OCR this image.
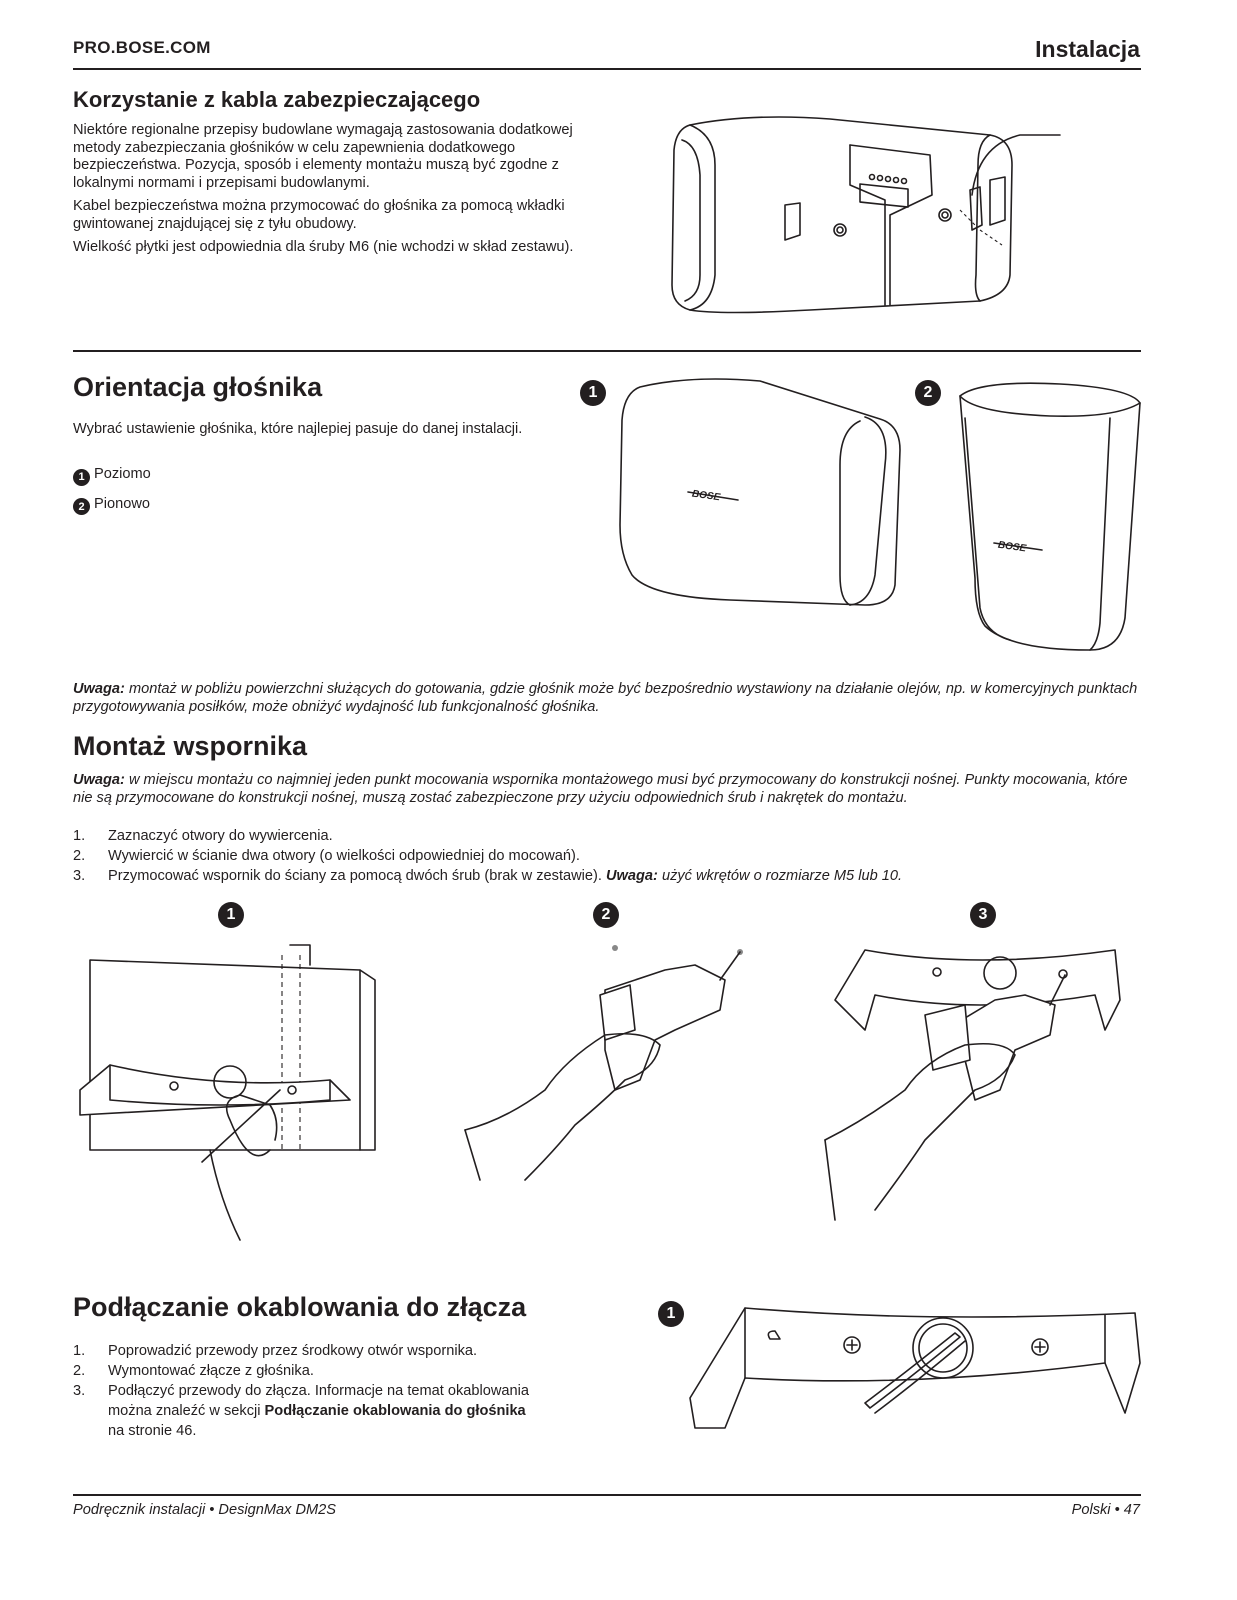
PRO.BOSE.COM	Instalacja
Korzystanie z kabla zabezpieczającego

Niektóre regionalne przepisy budowlane wymagają zastosowania dodatkowej metody zabezpieczania głośników w celu zapewnienia dodatkowego bezpieczeństwa. Pozycja, sposób i elementy montażu muszą być zgodne z lokalnymi normami i przepisami budowlanymi.

Kabel bezpieczeństwa można przymocować do głośnika za pomocą wkładki gwintowanej znajdującej się z tyłu obudowy.

Wielkość płytki jest odpowiednia dla śruby M6 (nie wchodzi w skład zestawu).

Orientacja głośnika
Wybrać ustawienie głośnika, które najlepiej pasuje do danej instalacji.
1 Poziomo
2 Pionowo
1
BOSE
2
BOSE
Uwaga: montaż w pobliżu powierzchni służących do gotowania, gdzie głośnik może być bezpośrednio wystawiony na działanie olejów, np. w komercyjnych punktach przygotowywania posiłków, może obniżyć wydajność lub funkcjonalność głośnika.
Montaż wspornika
Uwaga: w miejscu montażu co najmniej jeden punkt mocowania wspornika montażowego musi być przymocowany do konstrukcji nośnej. Punkty mocowania, które nie są przymocowane do konstrukcji nośnej, muszą zostać zabezpieczone przy użyciu odpowiednich śrub i nakrętek do montażu.
1.	Zaznaczyć otwory do wywiercenia.
2.	Wywiercić w ścianie dwa otwory (o wielkości odpowiedniej do mocowań).
3.	Przymocować wspornik do ściany za pomocą dwóch śrub (brak w zestawie). Uwaga: użyć wkrętów o rozmiarze M5 lub 10.
1	2	3
Podłączanie okablowania do złącza
1.	Poprowadzić przewody przez środkowy otwór wspornika.
2.	Wymontować złącze z głośnika.
3.	Podłączyć przewody do złącza. Informacje na temat okablowania można znaleźć w sekcji Podłączanie okablowania do głośnika na stronie 46.
1
Podręcznik instalacji • DesignMax DM2S	Polski • 47
